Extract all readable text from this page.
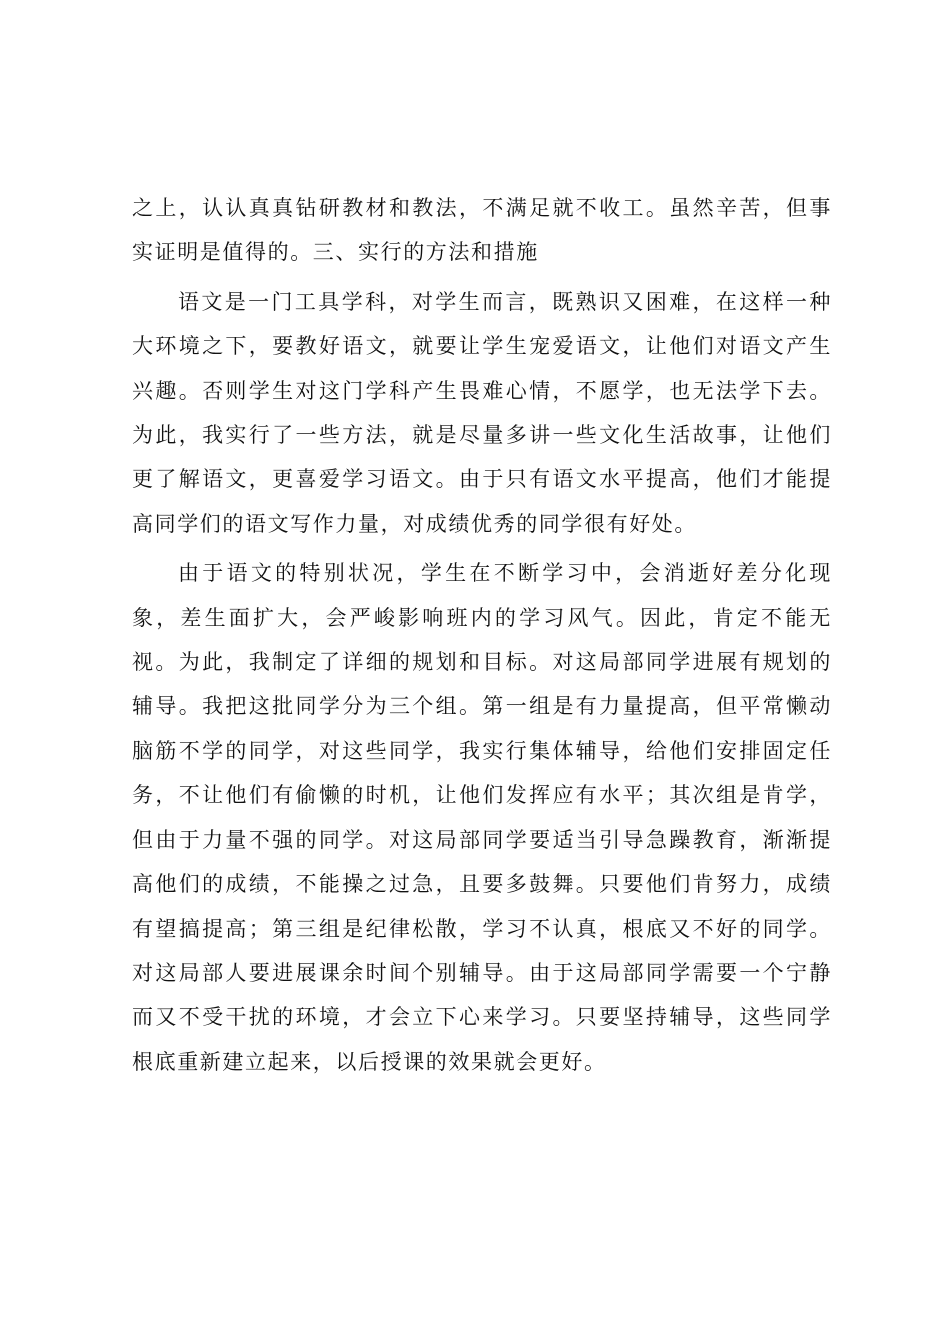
之上，认认真真钻研教材和教法，不满足就不收工。虽然辛苦，但事实证明是值得的。三、实行的方法和措施

语文是一门工具学科，对学生而言，既熟识又困难，在这样一种大环境之下，要教好语文，就要让学生宠爱语文，让他们对语文产生兴趣。否则学生对这门学科产生畏难心情，不愿学，也无法学下去。为此，我实行了一些方法，就是尽量多讲一些文化生活故事，让他们更了解语文，更喜爱学习语文。由于只有语文水平提高，他们才能提高同学们的语文写作力量，对成绩优秀的同学很有好处。

由于语文的特别状况，学生在不断学习中，会消逝好差分化现象，差生面扩大，会严峻影响班内的学习风气。因此，肯定不能无视。为此，我制定了详细的规划和目标。对这局部同学进展有规划的辅导。我把这批同学分为三个组。第一组是有力量提高，但平常懒动脑筋不学的同学，对这些同学，我实行集体辅导，给他们安排固定任务，不让他们有偷懒的时机，让他们发挥应有水平；其次组是肯学，但由于力量不强的同学。对这局部同学要适当引导急躁教育，渐渐提高他们的成绩，不能操之过急，且要多鼓舞。只要他们肯努力，成绩有望搞提高；第三组是纪律松散，学习不认真，根底又不好的同学。对这局部人要进展课余时间个别辅导。由于这局部同学需要一个宁静而又不受干扰的环境，才会立下心来学习。只要坚持辅导，这些同学根底重新建立起来，以后授课的效果就会更好。
